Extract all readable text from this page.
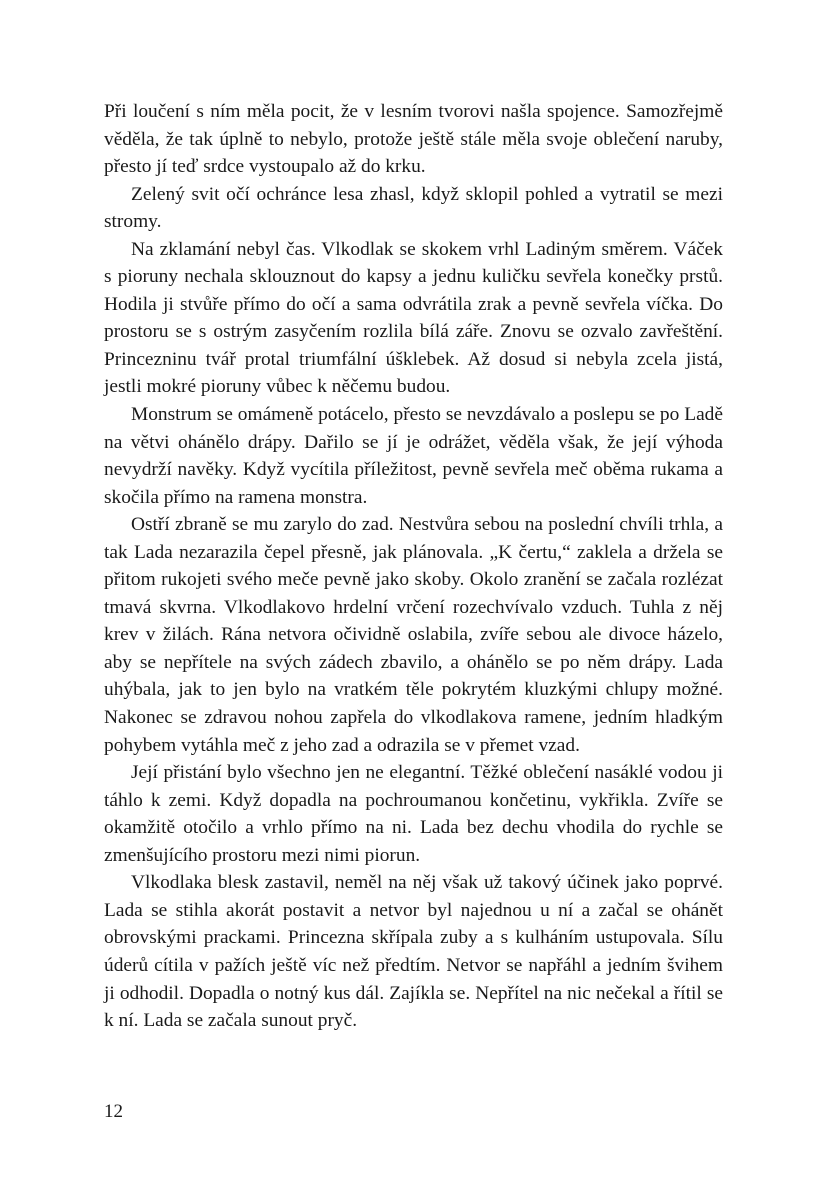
Při loučení s ním měla pocit, že v lesním tvorovi našla spojence. Samozřejmě věděla, že tak úplně to nebylo, protože ještě stále měla svoje oblečení naruby, přesto jí teď srdce vystoupalo až do krku.

Zelený svit očí ochránce lesa zhasl, když sklopil pohled a vytratil se mezi stromy.

Na zklamání nebyl čas. Vlkodlak se skokem vrhl Ladiným směrem. Váček s pioruny nechala sklouznout do kapsy a jednu kuličku sevřela konečky prstů. Hodila ji stvůře přímo do očí a sama odvrátila zrak a pevně sevřela víčka. Do prostoru se s ostrým zasyčením rozlila bílá záře. Znovu se ozvalo zavřeštění. Princezninu tvář protal triumfální úšklebek. Až dosud si nebyla zcela jistá, jestli mokré pioruny vůbec k něčemu budou.

Monstrum se omámeně potácelo, přesto se nevzdávalo a poslepu se po Ladě na větvi ohánělo drápy. Dařilo se jí je odrážet, věděla však, že její výhoda nevydrží navěky. Když vycítila příležitost, pevně sevřela meč oběma rukama a skočila přímo na ramena monstra.

Ostří zbraně se mu zarylo do zad. Nestvůra sebou na poslední chvíli trhla, a tak Lada nezarazila čepel přesně, jak plánovala. „K čertu,“ zaklela a držela se přitom rukojeti svého meče pevně jako skoby. Okolo zranění se začala rozlézat tmavá skvrna. Vlkodlakovo hrdelní vrčení rozechvívalo vzduch. Tuhla z něj krev v žilách. Rána netvora očividně oslabila, zvíře sebou ale divoce házelo, aby se nepřítele na svých zádech zbavilo, a ohánělo se po něm drápy. Lada uhýbala, jak to jen bylo na vratkém těle pokrytém kluzkými chlupy možné. Nakonec se zdravou nohou zapřela do vlkodlakova ramene, jedním hladkým pohybem vytáhla meč z jeho zad a odrazila se v přemet vzad.

Její přistání bylo všechno jen ne elegantní. Těžké oblečení nasáklé vodou ji táhlo k zemi. Když dopadla na pochroumanou končetinu, vykřikla. Zvíře se okamžitě otočilo a vrhlo přímo na ni. Lada bez dechu vhodila do rychle se zmenšujícího prostoru mezi nimi piorun.

Vlkodlaka blesk zastavil, neměl na něj však už takový účinek jako poprvé. Lada se stihla akorát postavit a netvor byl najednou u ní a začal se ohánět obrovskými prackami. Princezna skřípala zuby a s kulháním ustupovala. Sílu úderů cítila v pažích ještě víc než předtím. Netvor se napřáhl a jedním švihem ji odhodil. Dopadla o notný kus dál. Zajíkla se. Nepřítel na nic nečekal a řítil se k ní. Lada se začala sunout pryč.

12
